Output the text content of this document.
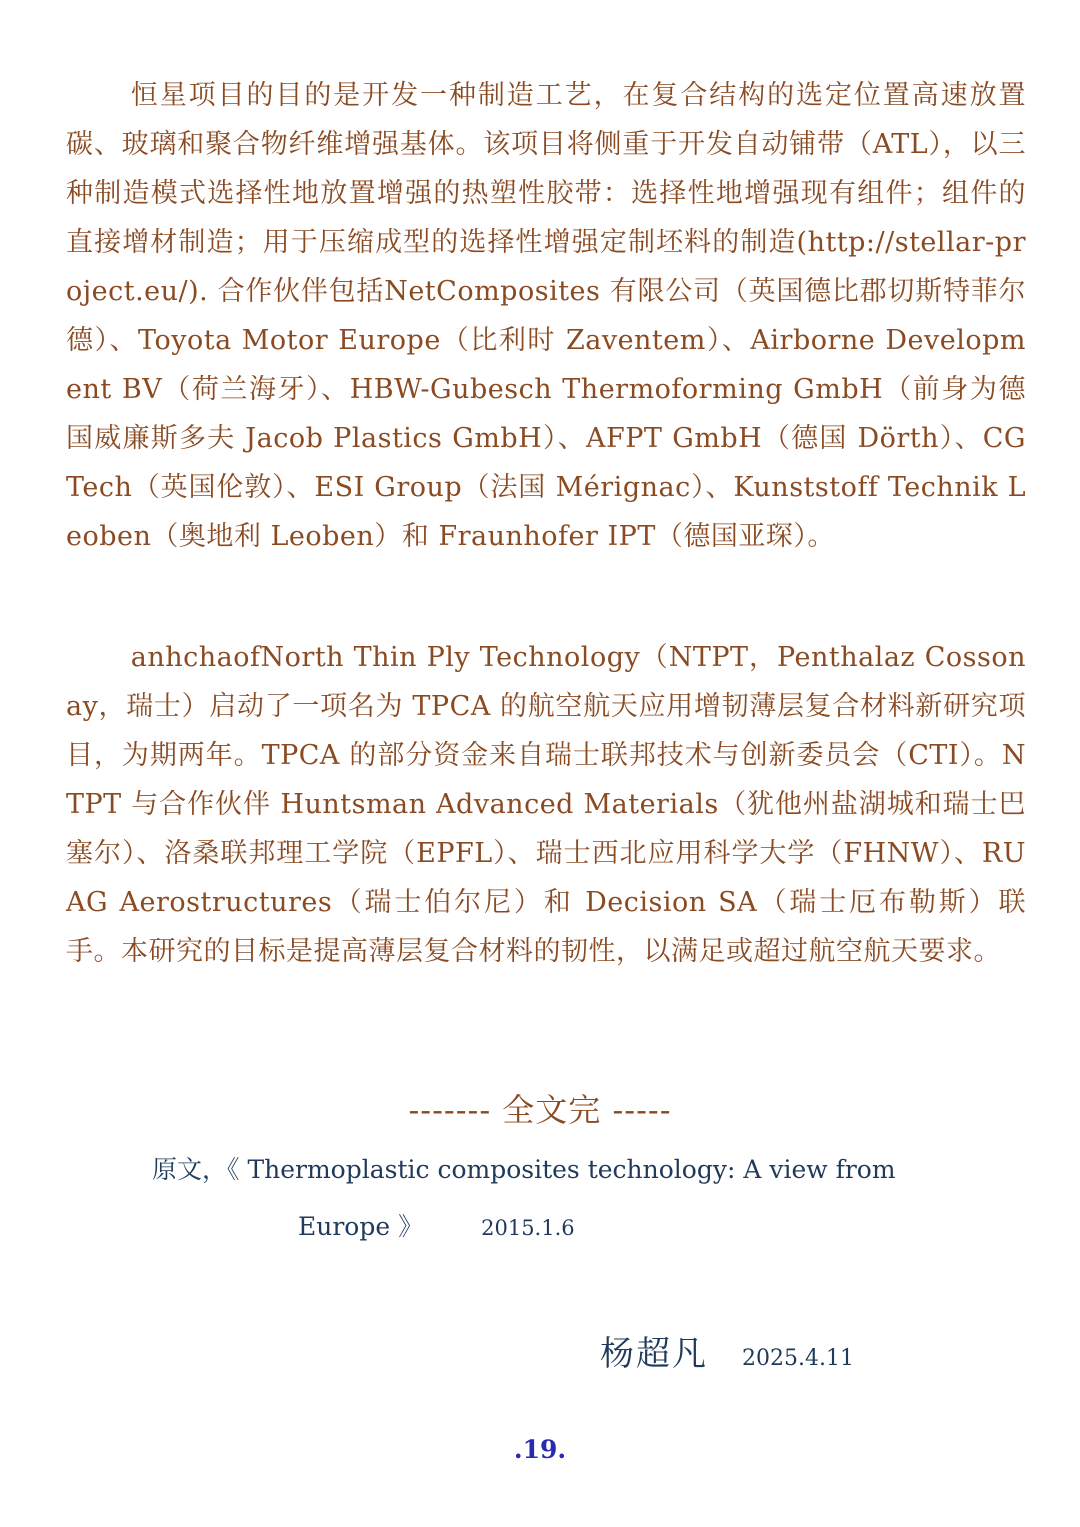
恒星项目的目的是开发一种制造工艺，在复合结构的选定位置高速放置碳、玻璃和聚合物纤维增强基体。该项目将侧重于开发自动铺带（ATL），以三种制造模式选择性地放置增强的热塑性胶带：选择性地增强现有组件；组件的直接增材制造；用于压缩成型的选择性增强定制坯料的制造(http://stellar-project.eu/). 合作伙伴包括NetComposites 有限公司（英国德比郡切斯特菲尔德）、Toyota Motor Europe（比利时 Zaventem）、Airborne Development BV（荷兰海牙）、HBW-Gubesch Thermoforming GmbH（前身为德国威廉斯多夫 Jacob Plastics GmbH）、AFPT GmbH（德国 Dörth）、CGTech（英国伦敦）、ESI Group（法国 Mérignac）、Kunststoff Technik Leoben（奥地利 Leoben）和 Fraunhofer IPT（德国亚琛）。

anhchaofNorth Thin Ply Technology（NTPT，Penthalaz Cossonay，瑞士）启动了一项名为 TPCA 的航空航天应用增韧薄层复合材料新研究项目，为期两年。TPCA 的部分资金来自瑞士联邦技术与创新委员会（CTI）。NTPT 与合作伙伴 Huntsman Advanced Materials（犹他州盐湖城和瑞士巴塞尔）、洛桑联邦理工学院（EPFL）、瑞士西北应用科学大学（FHNW）、RUAG Aerostructures（瑞士伯尔尼）和 Decision SA（瑞士厄布勒斯）联手。本研究的目标是提高薄层复合材料的韧性，以满足或超过航空航天要求。

------- 全文完 -----
原文，《 Thermoplastic composites technology: A view from
Europe 》	2015.1.6
杨超凡 2025.4.11
.19.
